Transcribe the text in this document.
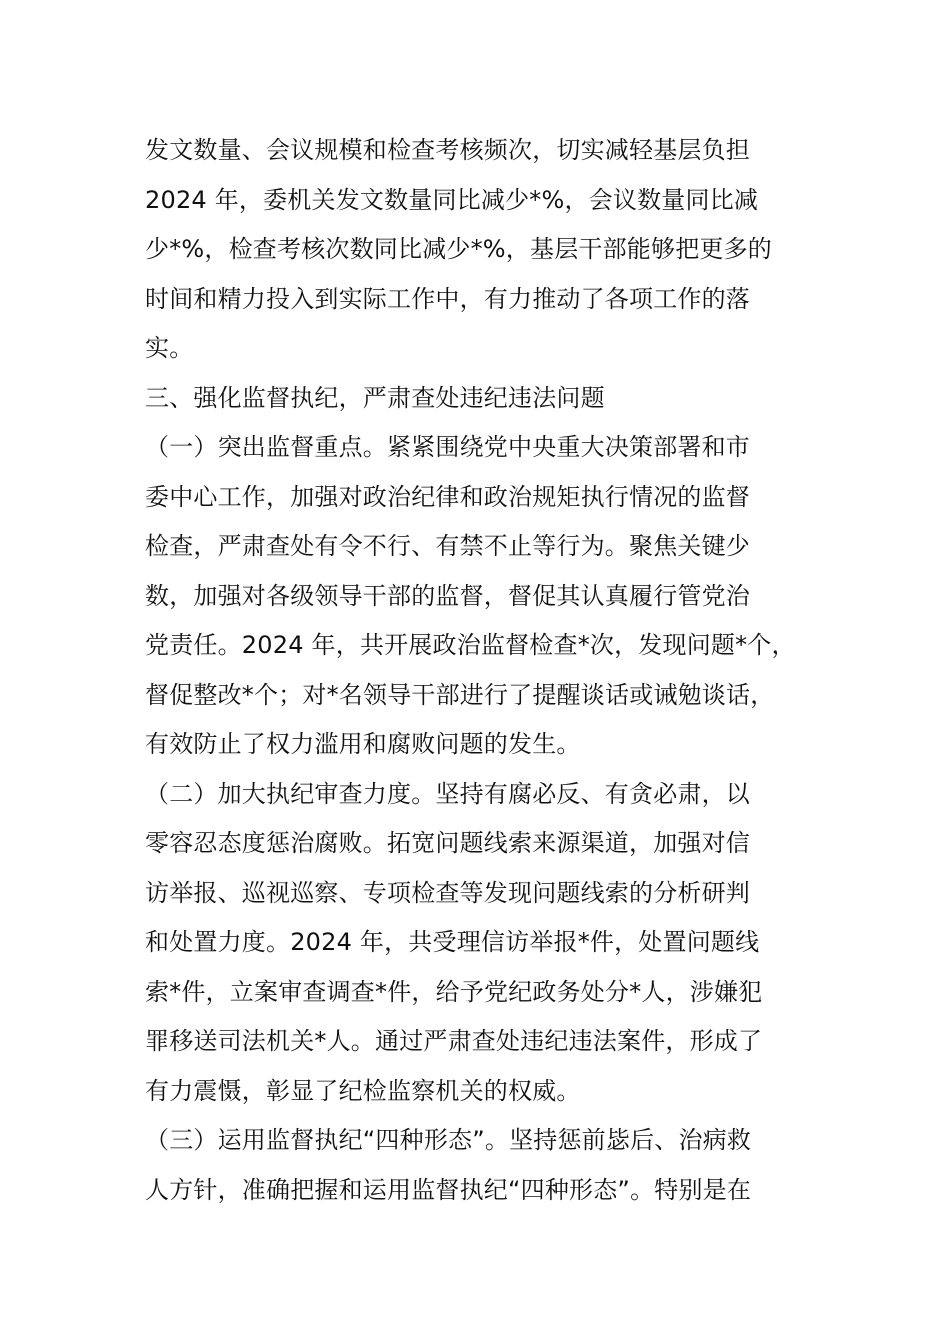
发文数量、会议规模和检查考核频次，切实减轻基层负担
2024 年，委机关发文数量同比减少*%，会议数量同比减
少*%，检查考核次数同比减少*%，基层干部能够把更多的
时间和精力投入到实际工作中，有力推动了各项工作的落
实。
三、强化监督执纪，严肃查处违纪违法问题
（一）突出监督重点。紧紧围绕党中央重大决策部署和市
委中心工作，加强对政治纪律和政治规矩执行情况的监督
检查，严肃查处有令不行、有禁不止等行为。聚焦关键少
数，加强对各级领导干部的监督，督促其认真履行管党治
党责任。2024 年，共开展政治监督检查*次，发现问题*个，
督促整改*个；对*名领导干部进行了提醒谈话或诫勉谈话，
有效防止了权力滥用和腐败问题的发生。
（二）加大执纪审查力度。坚持有腐必反、有贪必肃，以
零容忍态度惩治腐败。拓宽问题线索来源渠道，加强对信
访举报、巡视巡察、专项检查等发现问题线索的分析研判
和处置力度。2024 年，共受理信访举报*件，处置问题线
索*件，立案审查调查*件，给予党纪政务处分*人，涉嫌犯
罪移送司法机关*人。通过严肃查处违纪违法案件，形成了
有力震慑，彰显了纪检监察机关的权威。
（三）运用监督执纪“四种形态”。坚持惩前毖后、治病救
人方针，准确把握和运用监督执纪“四种形态”。特别是在
